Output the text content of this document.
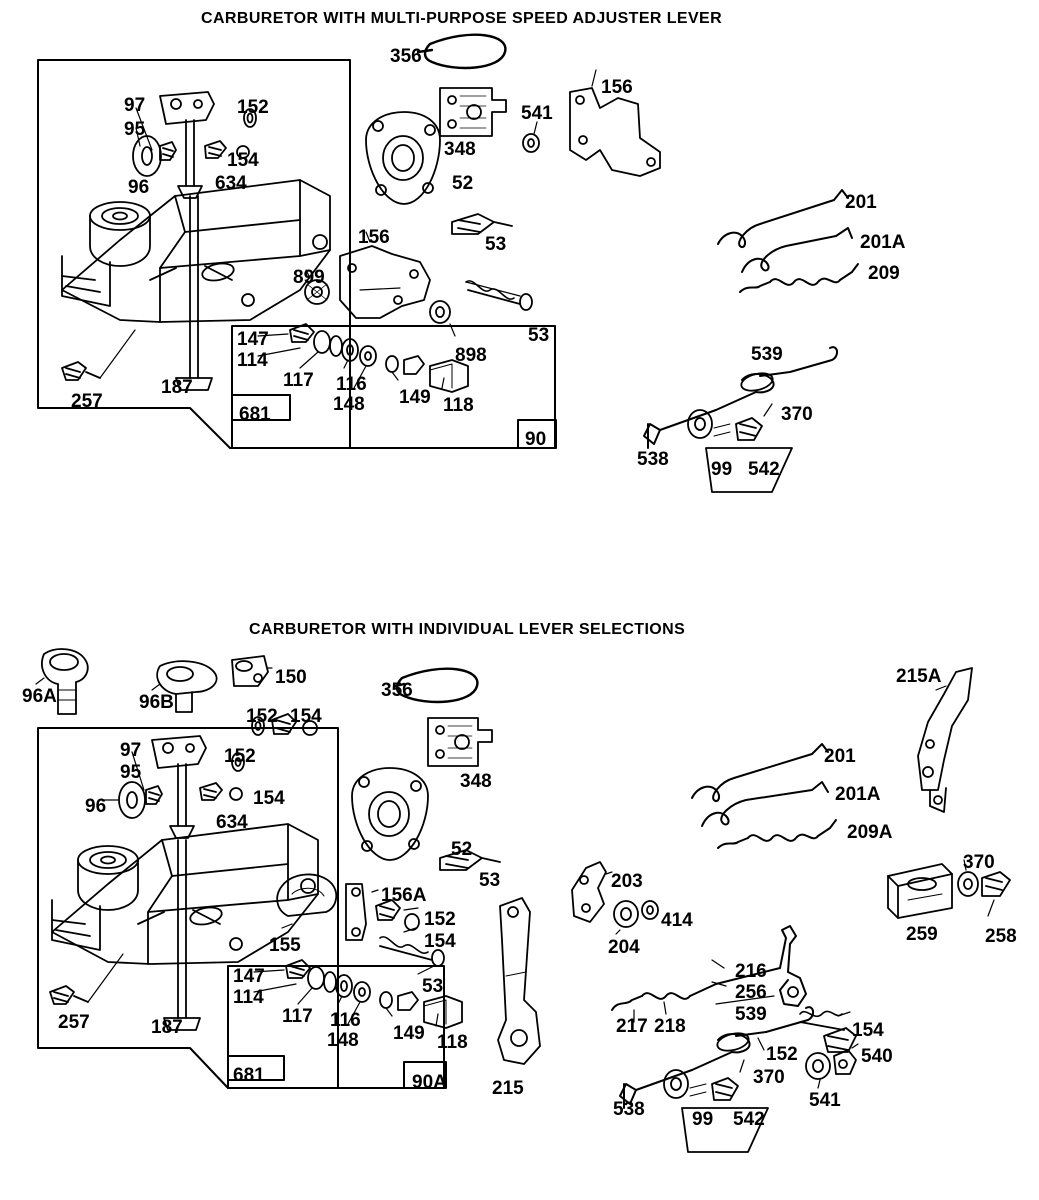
CARBURETOR WITH MULTI-PURPOSE SPEED ADJUSTER LEVER
CARBURETOR WITH INDIVIDUAL LEVER SELECTIONS
356
156
97	152	541
95
348
154
96	634	52
201
201A
156	53
209
899
53
147
539
114	898
117 116
370
149 118
257	148
187
681
90
538 99 542
150	215A
356
96A	96B
152 154
97	152	201
95	348
154	201A
96
209A
634
52
53
370
156A
203
152	414
154	259 258
204
155
216
53
147
256
114
539
117
154
217 218
116
148 149 118
152
370
540
257	187
681	90A 215
541
538 99 542
